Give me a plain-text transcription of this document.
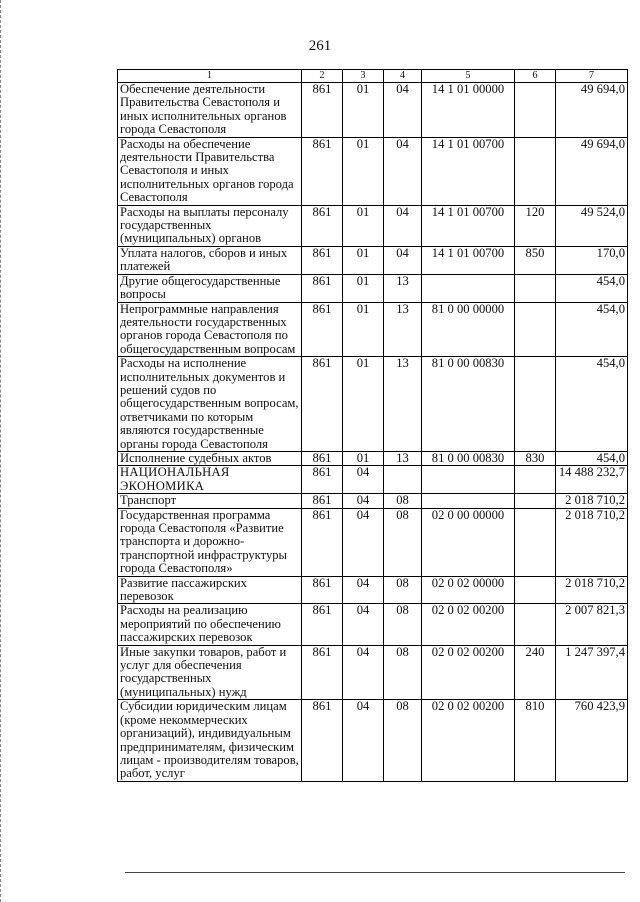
261
1	2	3	4	5	6	7
Обеспечение деятельности Правительства Севастополя и иных исполнительных органов города Севастополя	861	01	04	14 1 01 00000		49 694,0
Расходы на обеспечение деятельности Правительства Севастополя и иных исполнительных органов города Севастополя	861	01	04	14 1 01 00700		49 694,0
Расходы на выплаты персоналу государственных (муниципальных) органов	861	01	04	14 1 01 00700	120	49 524,0
Уплата налогов, сборов и иных платежей	861	01	04	14 1 01 00700	850	170,0
Другие общегосударственные вопросы	861	01	13			454,0
Непрограммные направления деятельности государственных органов города Севастополя по общегосударственным вопросам	861	01	13	81 0 00 00000		454,0
Расходы на исполнение исполнительных документов и решений судов по общегосударственным вопросам, ответчиками по которым являются государственные органы города Севастополя	861	01	13	81 0 00 00830		454,0
Исполнение судебных актов	861	01	13	81 0 00 00830	830	454,0
НАЦИОНАЛЬНАЯ ЭКОНОМИКА	861	04				14 488 232,7
Транспорт	861	04	08			2 018 710,2
Государственная программа города Севастополя «Развитие транспорта и дорожно-транспортной инфраструктуры города Севастополя»	861	04	08	02 0 00 00000		2 018 710,2
Развитие пассажирских перевозок	861	04	08	02 0 02 00000		2 018 710,2
Расходы на реализацию мероприятий по обеспечению пассажирских перевозок	861	04	08	02 0 02 00200		2 007 821,3
Иные закупки товаров, работ и услуг для обеспечения государственных (муниципальных) нужд	861	04	08	02 0 02 00200	240	1 247 397,4
Субсидии юридическим лицам (кроме некоммерческих организаций), индивидуальным предпринимателям, физическим лицам - производителям товаров, работ, услуг	861	04	08	02 0 02 00200	810	760 423,9
